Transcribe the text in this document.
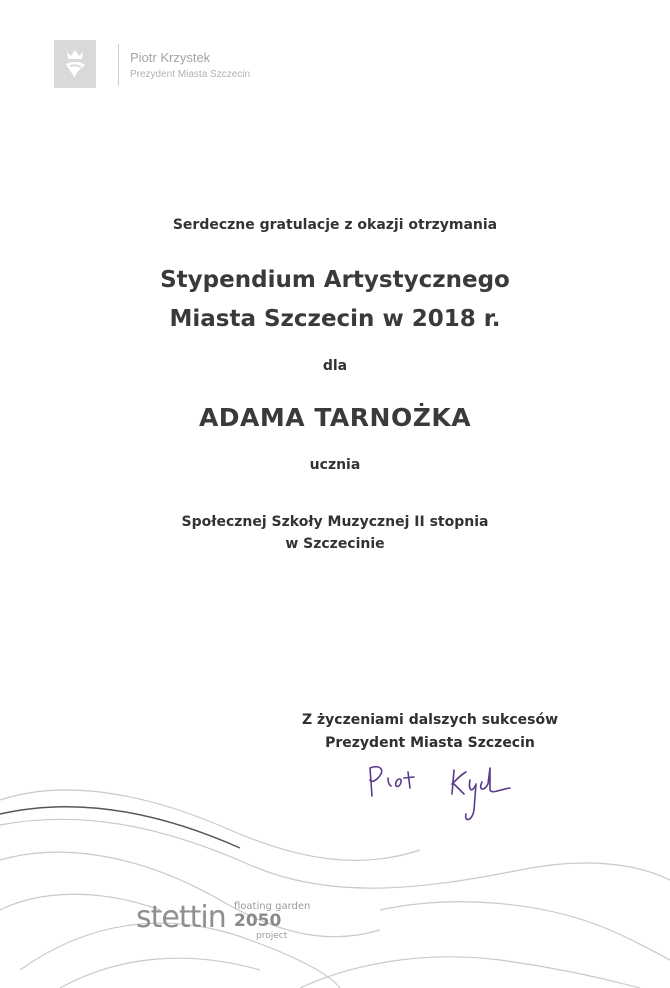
Piotr Krzystek
Prezydent Miasta Szczecin
Serdeczne gratulacje z okazji otrzymania
Stypendium Artystycznego
Miasta Szczecin w 2018 r.
dla
ADAMA TARNOŻKA
ucznia
Społecznej Szkoły Muzycznej II stopnia
w Szczecinie
Z życzeniami dalszych sukcesów
Prezydent Miasta Szczecin
stettin floating garden
2050
project
